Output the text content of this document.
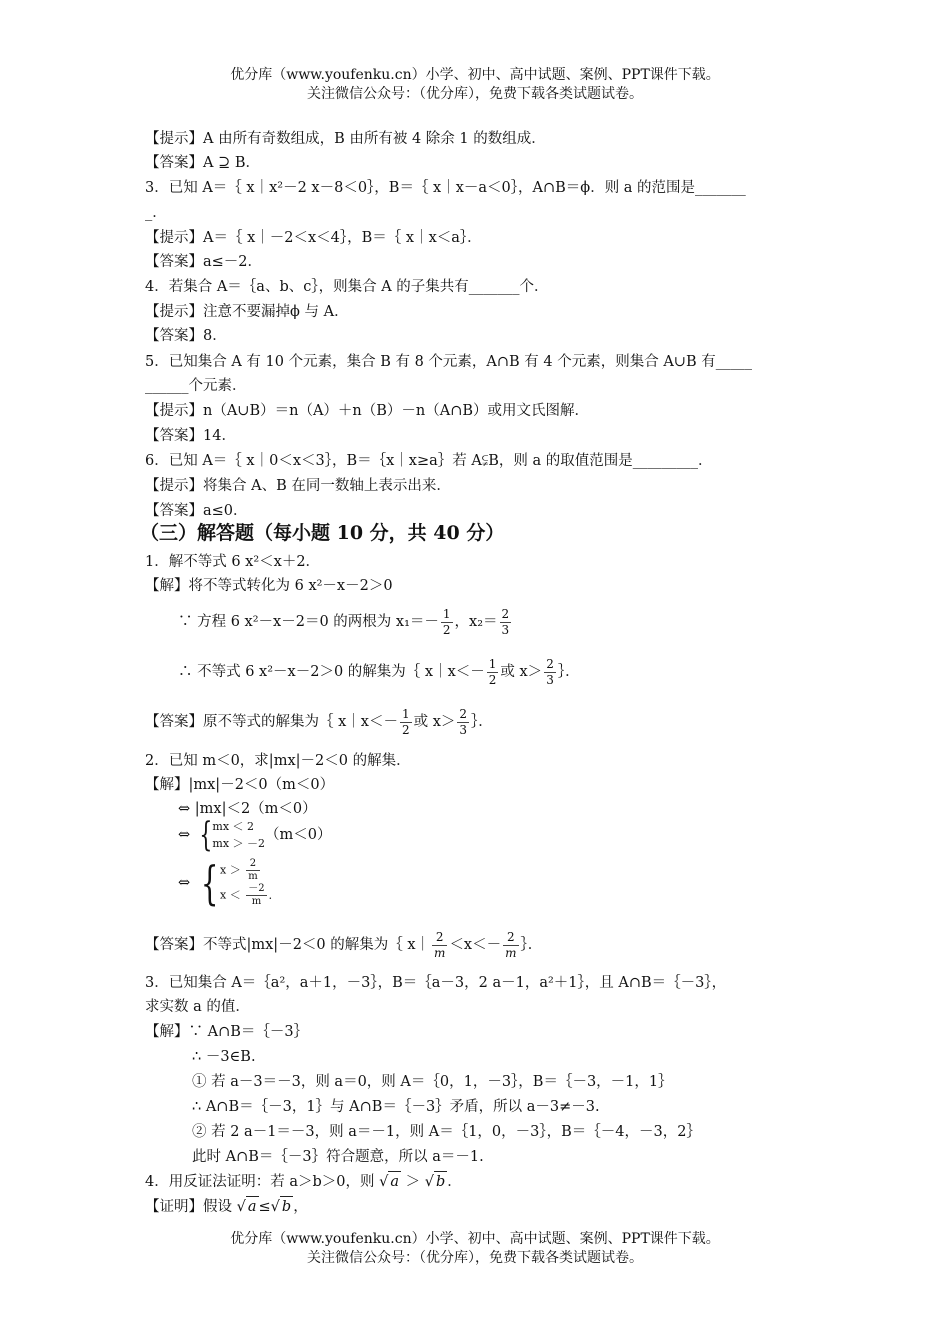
优分库（www.youfenku.cn）小学、初中、高中试题、案例、PPT课件下载。
关注微信公众号：（优分库），免费下载各类试题试卷。
【提示】A 由所有奇数组成，B 由所有被 4 除余 1 的数组成．
【答案】A ⊇ B．
3．已知 A＝｛ x｜x²－2 x－8＜0｝，B＝｛ x｜x－a＜0｝，A∩B＝ϕ．则 a 的范围是_______
_．
【提示】A＝｛ x｜－2＜x＜4｝，B＝｛ x｜x＜a｝．
【答案】a≤－2．
4．若集合 A＝｛a、b、c｝，则集合 A 的子集共有_______个．
【提示】注意不要漏掉ϕ 与 A．
【答案】8．
5．已知集合 A 有 10 个元素，集合 B 有 8 个元素，A∩B 有 4 个元素，则集合 A∪B 有_____
______个元素．
【提示】n（A∪B）＝n（A）＋n（B）－n（A∩B）或用文氏图解．
【答案】14．
6．已知 A＝｛ x｜0＜x＜3｝，B＝｛x｜x≥a｝若 A⫋B，则 a 的取值范围是_________．
【提示】将集合 A、B 在同一数轴上表示出来．
【答案】a≤0．
（三）解答题（每小题 10 分，共 40 分）
1．解不等式 6 x²＜x＋2．
【解】将不等式转化为 6 x²－x－2＞0
∵ 方程 6 x²－x－2＝0 的两根为 $x_1=- \frac{1}{2}$ ，$x_2= \frac{2}{3}$
∴ 不等式 6 x²－x－2＞0 的解集为｛ x｜x＜－ $\frac{1}{2}$ 或 $x> \frac{2}{3}$ ｝．
【答案】原不等式的解集为｛ x｜x＜－ $\frac{1}{2}$ 或 $x> \frac{2}{3}$ ｝．
2．已知 m＜0，求|mx|－2＜0 的解集．
【解】|mx|－2＜0（m＜0）
⇔ |mx|＜2（m＜0）
⇔ { mx ＜ 2
mx ＞ －2
（m＜0）
⇔ { $x > \frac{2}{m}$
$x < \frac{-2}{m}$ ．
【答案】不等式|mx|－2＜0 的解集为｛ x｜ $\frac{2}{m} <x<- \frac{2}{m}$ ｝．
3．已知集合 A＝｛a²，a＋1，－3｝，B＝｛a－3，2 a－1，a²＋1｝，且 A∩B＝｛－3｝，
求实数 a 的值．
【解】∵ A∩B＝｛－3｝
∴ －3∈B.
① 若 a－3＝－3，则 a＝0，则 A＝｛0，1，－3｝，B＝｛－3，－1，1｝
∴ A∩B＝｛－3，1｝与 A∩B＝｛－3｝矛盾，所以 a－3≠－3.
② 若 2 a－1＝－3，则 a＝－1，则 A＝｛1，0，－3｝，B＝｛－4，－3，2｝
此时 A∩B＝｛－3｝符合题意，所以 a＝－1.
4．用反证法证明：若 a＞b＞0，则 √ a ＞ √ b ．
【证明】假设 √ a ≤√ b ，
优分库（www.youfenku.cn）小学、初中、高中试题、案例、PPT课件下载。
关注微信公众号：（优分库），免费下载各类试题试卷。
